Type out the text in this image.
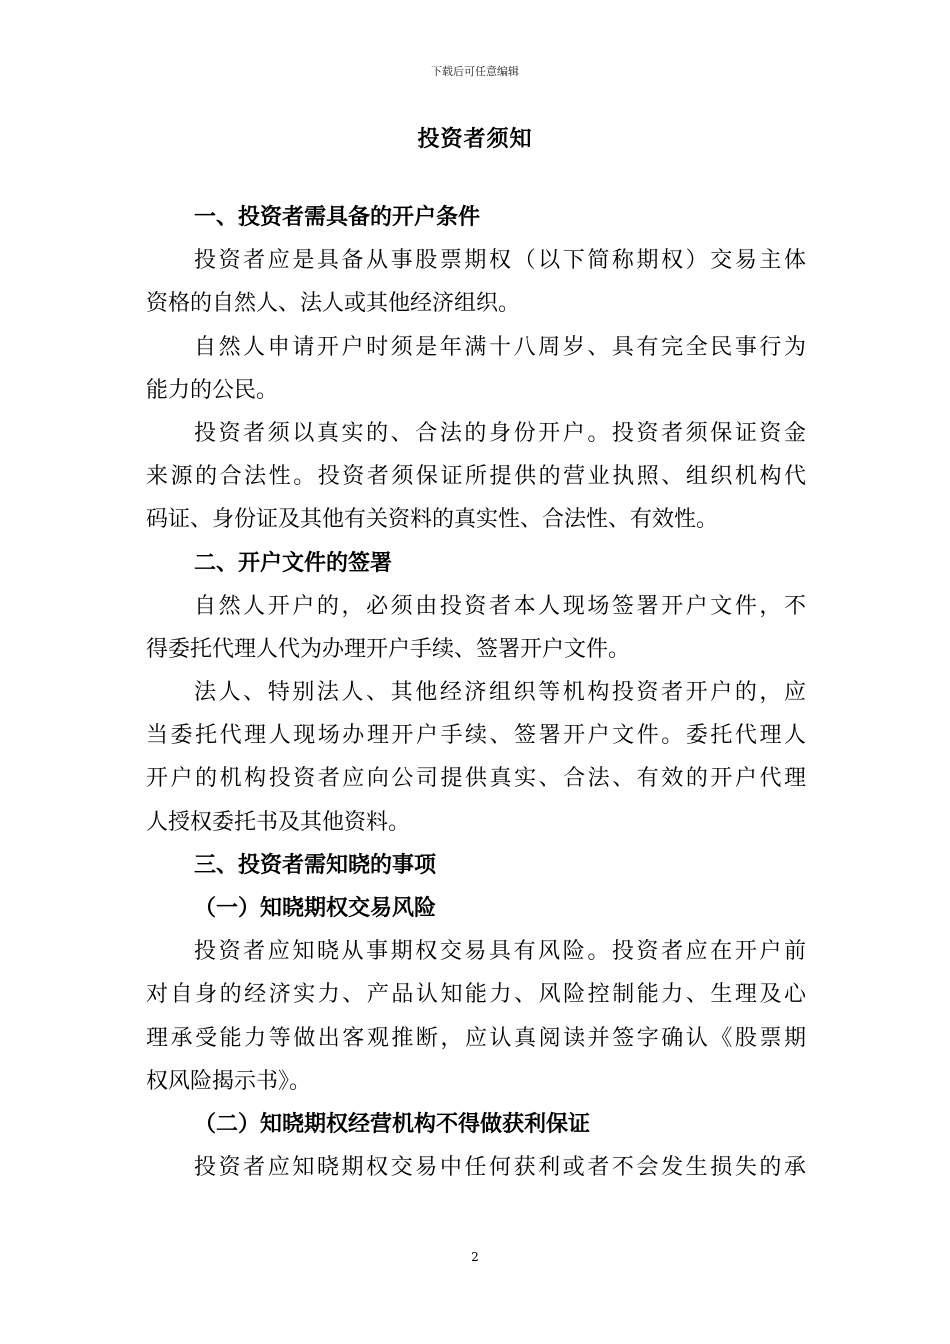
下载后可任意编辑
投资者须知
一、投资者需具备的开户条件
投资者应是具备从事股票期权（以下简称期权）交易主体
资格的自然人、法人或其他经济组织。
自然人申请开户时须是年满十八周岁、具有完全民事行为
能力的公民。
投资者须以真实的、合法的身份开户。投资者须保证资金
来源的合法性。投资者须保证所提供的营业执照、组织机构代
码证、身份证及其他有关资料的真实性、合法性、有效性。
二、开户文件的签署
自然人开户的，必须由投资者本人现场签署开户文件，不
得委托代理人代为办理开户手续、签署开户文件。
法人、特别法人、其他经济组织等机构投资者开户的，应
当委托代理人现场办理开户手续、签署开户文件。委托代理人
开户的机构投资者应向公司提供真实、合法、有效的开户代理
人授权委托书及其他资料。
三、投资者需知晓的事项
（一）知晓期权交易风险
投资者应知晓从事期权交易具有风险。投资者应在开户前
对自身的经济实力、产品认知能力、风险控制能力、生理及心
理承受能力等做出客观推断，应认真阅读并签字确认《股票期
权风险揭示书》。
（二）知晓期权经营机构不得做获利保证
投资者应知晓期权交易中任何获利或者不会发生损失的承
2
